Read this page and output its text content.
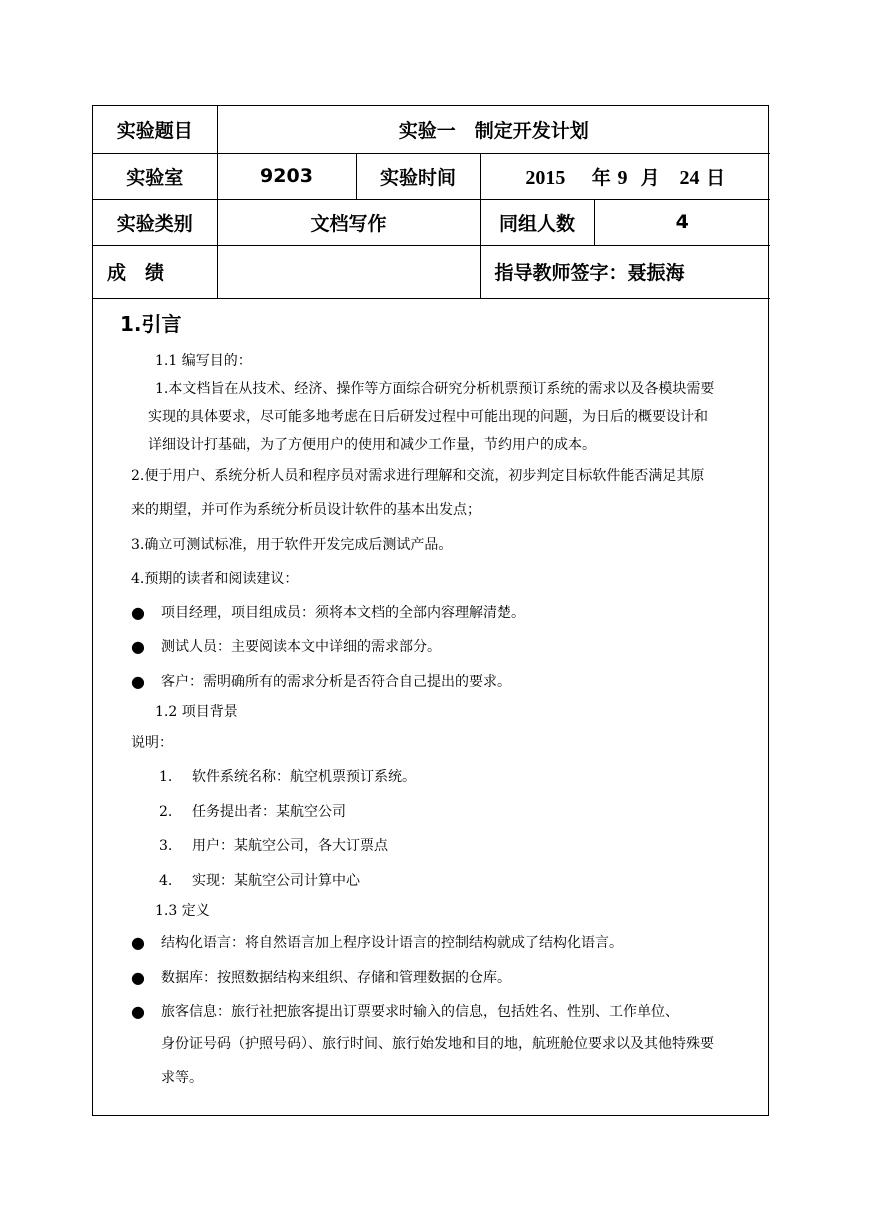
实验题目	实验一　制定开发计划			
实验室	9203	实验时间	2015 年 9 月 24 日	
实验类别	文档写作		同组人数	4
成　绩			指导教师签字：聂振海	
1.引言
1.1 编写目的：
1.本文档旨在从技术、经济、操作等方面综合研究分析机票预订系统的需求以及各模块需要
实现的具体要求，尽可能多地考虑在日后研发过程中可能出现的问题，为日后的概要设计和
详细设计打基础，为了方便用户的使用和减少工作量，节约用户的成本。
2.便于用户、系统分析人员和程序员对需求进行理解和交流，初步判定目标软件能否满足其原
来的期望，并可作为系统分析员设计软件的基本出发点；
3.确立可测试标准，用于软件开发完成后测试产品。
4.预期的读者和阅读建议：
● 项目经理，项目组成员：须将本文档的全部内容理解清楚。
● 测试人员：主要阅读本文中详细的需求部分。
● 客户：需明确所有的需求分析是否符合自己提出的要求。
1.2 项目背景
说明：
1. 软件系统名称：航空机票预订系统。
2. 任务提出者：某航空公司
3. 用户：某航空公司，各大订票点
4. 实现：某航空公司计算中心
1.3 定义
● 结构化语言：将自然语言加上程序设计语言的控制结构就成了结构化语言。
● 数据库：按照数据结构来组织、存储和管理数据的仓库。
● 旅客信息：旅行社把旅客提出订票要求时输入的信息，包括姓名、性别、工作单位、
身份证号码（护照号码）、旅行时间、旅行始发地和目的地，航班舱位要求以及其他特殊要
求等。
